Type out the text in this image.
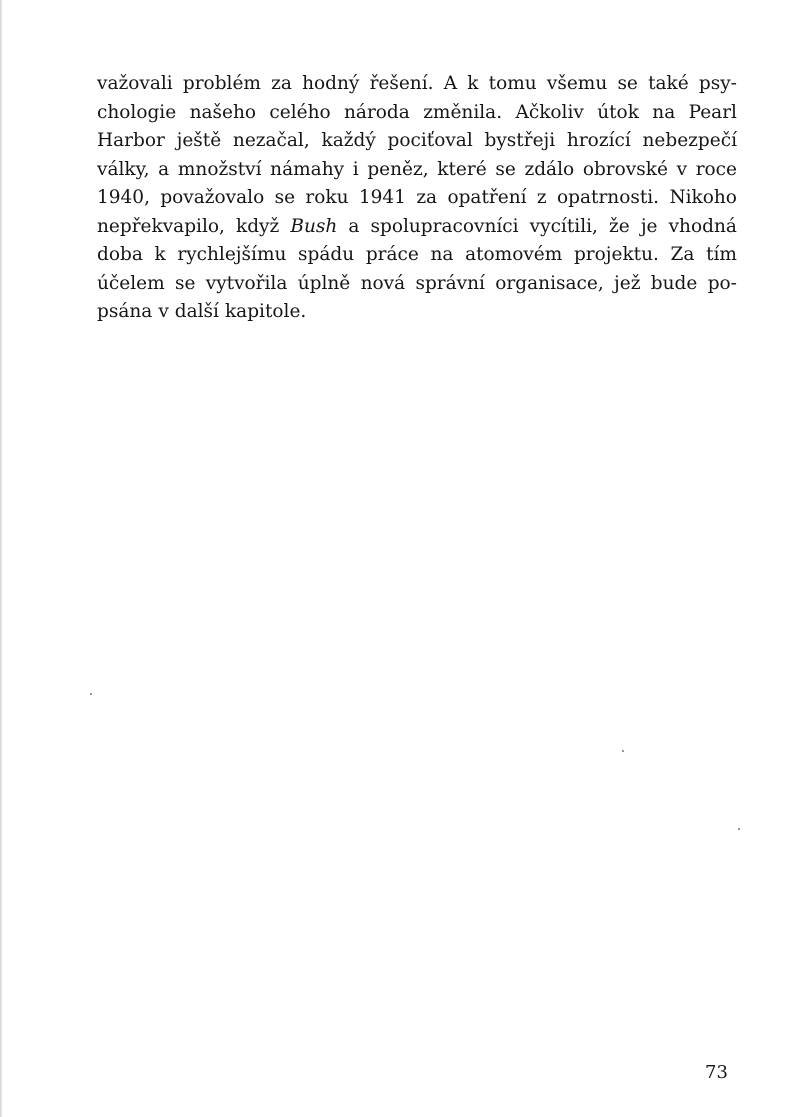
važovali problém za hodný řešení. A k tomu všemu se také psy-
chologie našeho celého národa změnila. Ačkoliv útok na Pearl
Harbor ještě nezačal, každý pociťoval bystřeji hrozící nebezpečí
války, a množství námahy i peněz, které se zdálo obrovské v roce
1940, považovalo se roku 1941 za opatření z opatrnosti. Nikoho
nepřekvapilo, když Bush a spolupracovníci vycítili, že je vhodná
doba k rychlejšímu spádu práce na atomovém projektu. Za tím
účelem se vytvořila úplně nová správní organisace, jež bude po-
psána v další kapitole.
73
